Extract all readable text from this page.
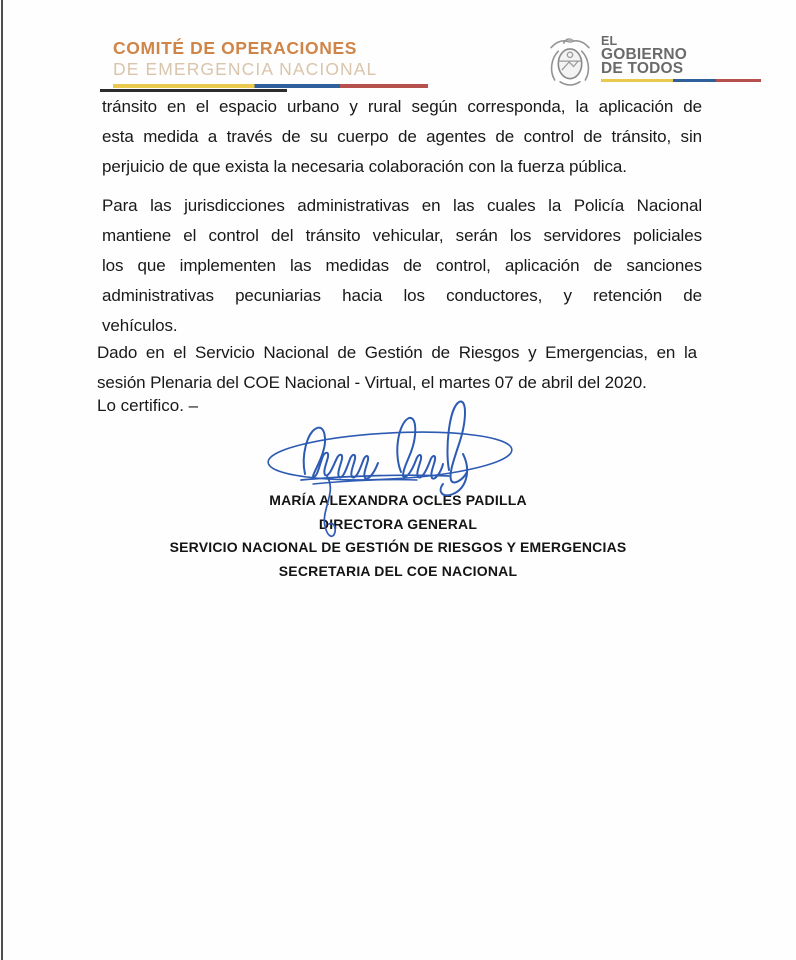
COMITÉ DE OPERACIONES
DE EMERGENCIA NACIONAL
EL
GOBIERNO
DE TODOS
tránsito en el espacio urbano y rural según corresponda, la aplicación de
esta medida a través de su cuerpo de agentes de control de tránsito, sin
perjuicio de que exista la necesaria colaboración con la fuerza pública.
Para las jurisdicciones administrativas en las cuales la Policía Nacional
mantiene el control del tránsito vehicular, serán los servidores policiales
los que implementen las medidas de control, aplicación de sanciones
administrativas pecuniarias hacia los conductores, y retención de
vehículos.
Dado en el Servicio Nacional de Gestión de Riesgos y Emergencias, en la
sesión Plenaria del COE Nacional - Virtual, el martes 07 de abril del 2020.
Lo certifico. –
MARÍA ALEXANDRA OCLES PADILLA
DIRECTORA GENERAL
SERVICIO NACIONAL DE GESTIÓN DE RIESGOS Y EMERGENCIAS
SECRETARIA DEL COE NACIONAL
